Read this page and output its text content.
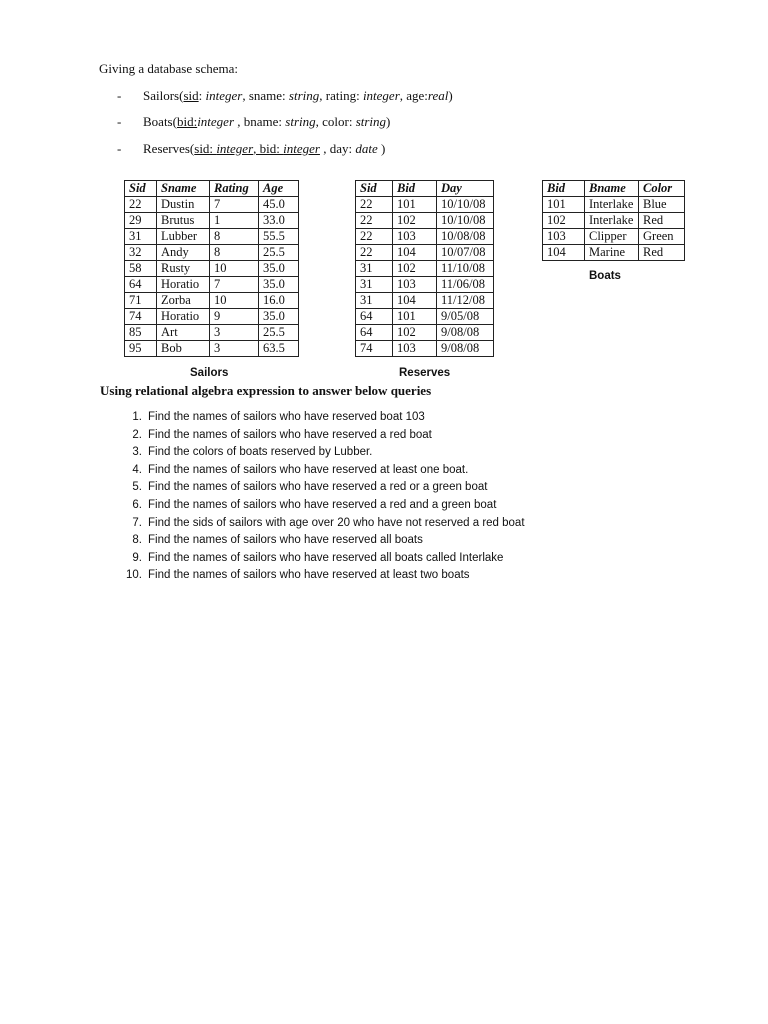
Giving a database schema:
- Sailors(sid: integer, sname: string, rating: integer, age:real)
- Boats(bid:integer , bname: string, color: string)
- Reserves(sid: integer, bid: integer , day: date )
Sid	Sname	Rating	Age
22	Dustin	7	45.0
29	Brutus	1	33.0
31	Lubber	8	55.5
32	Andy	8	25.5
58	Rusty	10	35.0
64	Horatio	7	35.0
71	Zorba	10	16.0
74	Horatio	9	35.0
85	Art	3	25.5
95	Bob	3	63.5
Sailors
Sid	Bid	Day
22	101	10/10/08
22	102	10/10/08
22	103	10/08/08
22	104	10/07/08
31	102	11/10/08
31	103	11/06/08
31	104	11/12/08
64	101	9/05/08
64	102	9/08/08
74	103	9/08/08
Reserves
Bid	Bname	Color
101	Interlake	Blue
102	Interlake	Red
103	Clipper	Green
104	Marine	Red
Boats
Using relational algebra expression to answer below queries
1. Find the names of sailors who have reserved boat 103
2. Find the names of sailors who have reserved a red boat
3. Find the colors of boats reserved by Lubber.
4. Find the names of sailors who have reserved at least one boat.
5. Find the names of sailors who have reserved a red or a green boat
6. Find the names of sailors who have reserved a red and a green boat
7. Find the sids of sailors with age over 20 who have not reserved a red boat
8. Find the names of sailors who have reserved all boats
9. Find the names of sailors who have reserved all boats called Interlake
10. Find the names of sailors who have reserved at least two boats
